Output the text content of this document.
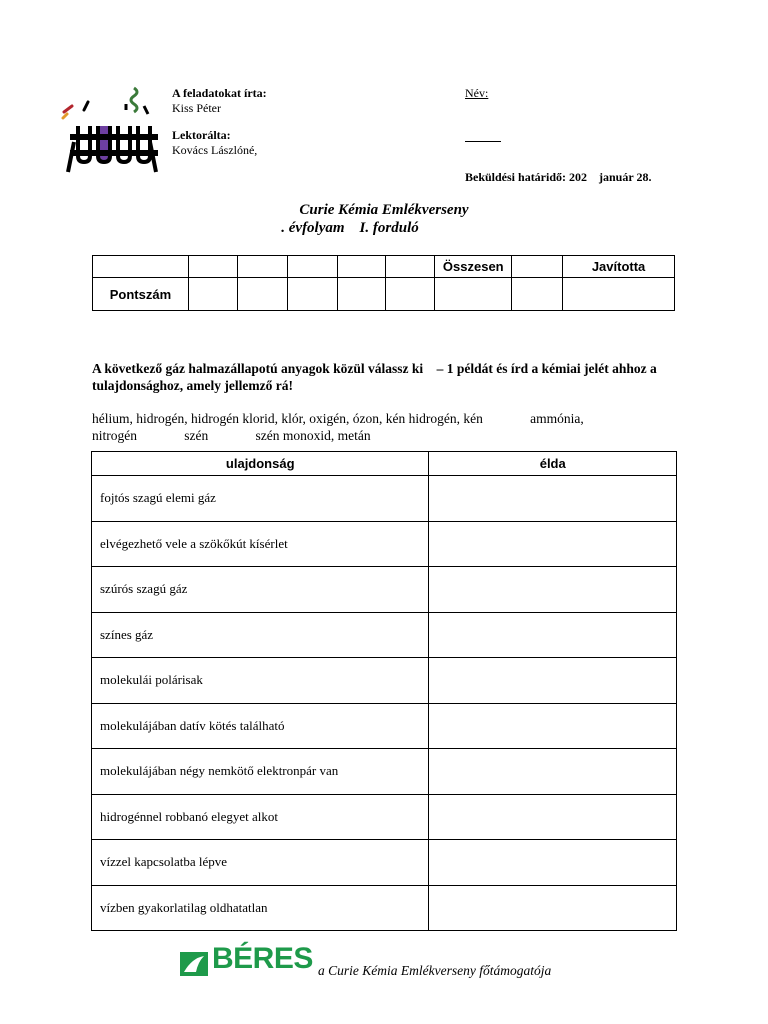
A feladatokat írta:
Kiss Péter
Lektorálta:
Kovács Lászlóné,
Név:
Beküldési határidő: 202    január 28.
Curie Kémia Emlékverseny
. évfolyam    I. forduló
						Összesen		Javította
Pontszám								
A következő gáz halmazállapotú anyagok közül válassz ki    – 1 példát és írd a kémiai jelét ahhoz a tulajdonsághoz, amely jellemző rá!
hélium, hidrogén, hidrogén klorid, klór, oxigén, ózon, kén hidrogén, kén              ammónia,
nitrogén              szén              szén monoxid, metán
ulajdonság	élda
fojtós szagú elemi gáz	
elvégezhető vele a szökőkút kísérlet	
szúrós szagú gáz	
színes gáz	
molekulái polárisak	
molekulájában datív kötés található	
molekulájában négy nemkötő elektronpár van	
hidrogénnel robbanó elegyet alkot	
vízzel kapcsolatba lépve	
vízben gyakorlatilag oldhatatlan	
BÉRES a Curie Kémia Emlékverseny főtámogatója
